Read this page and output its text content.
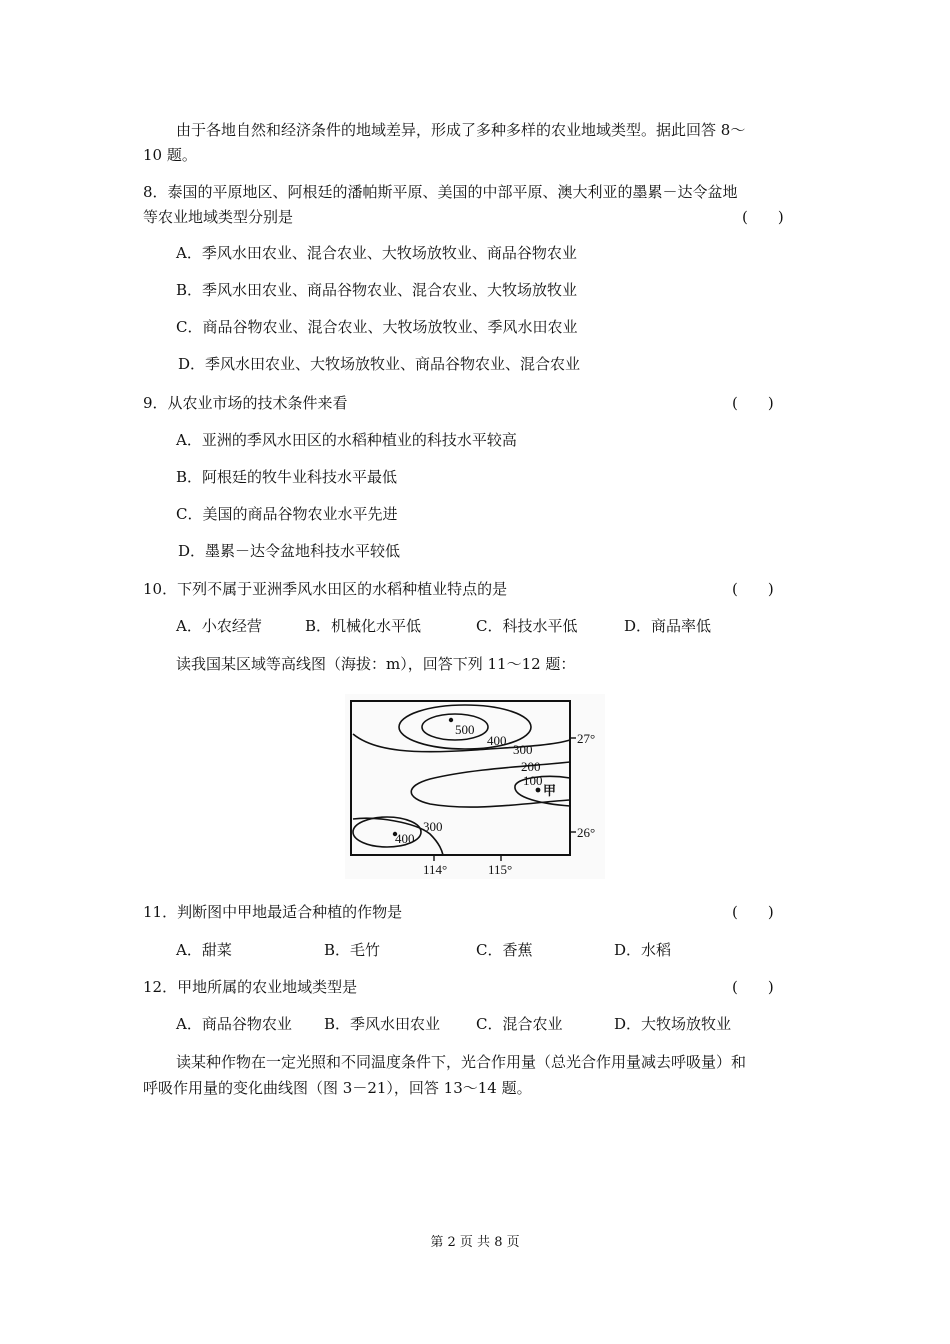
由于各地自然和经济条件的地域差异，形成了多种多样的农业地域类型。据此回答 8～
10 题。
8．泰国的平原地区、阿根廷的潘帕斯平原、美国的中部平原、澳大利亚的墨累－达令盆地
等农业地域类型分别是	(　　)
A．季风水田农业、混合农业、大牧场放牧业、商品谷物农业
B．季风水田农业、商品谷物农业、混合农业、大牧场放牧业
C．商品谷物农业、混合农业、大牧场放牧业、季风水田农业
D．季风水田农业、大牧场放牧业、商品谷物农业、混合农业
9．从农业市场的技术条件来看	(　　)
A．亚洲的季风水田区的水稻种植业的科技水平较高
B．阿根廷的牧牛业科技水平最低
C．美国的商品谷物农业水平先进
D．墨累－达令盆地科技水平较低
10．下列不属于亚洲季风水田区的水稻种植业特点的是	(　　)
A．小农经营	B．机械化水平低	C．科技水平低	D．商品率低
读我国某区域等高线图（海拔：m），回答下列 11～12 题：
500
400
300
200
100
甲
300
400
27°
26°
114°	115°
11．判断图中甲地最适合种植的作物是	(　　)
A．甜菜	B．毛竹	C．香蕉	D．水稻
12．甲地所属的农业地域类型是	(　　)
A．商品谷物农业 B．季风水田农业 C．混合农业	D．大牧场放牧业
读某种作物在一定光照和不同温度条件下，光合作用量（总光合作用量减去呼吸量）和
呼吸作用量的变化曲线图（图 3－21），回答 13～14 题。
第 2 页 共 8 页
